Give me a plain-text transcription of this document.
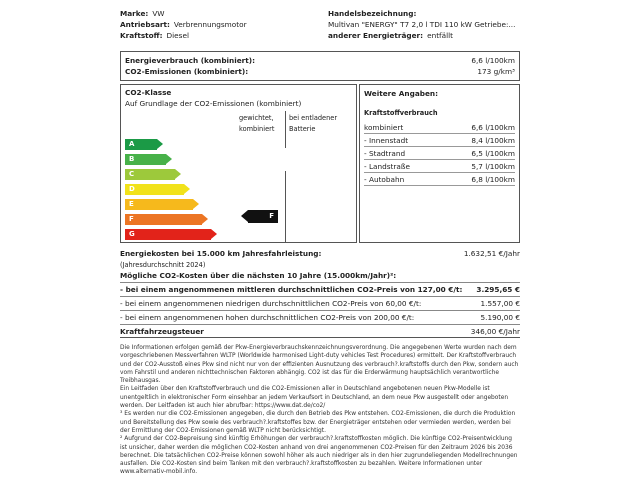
Marke: VW
Antriebsart: Verbrennungsmotor
Kraftstoff: Diesel
Handelsbezeichnung:
Multivan "ENERGY" T7 2,0 l TDI 110 kW Getriebe:...
anderer Energieträger: entfällt
Energieverbrauch (kombiniert):	6,6 l/100km
CO2-Emissionen (kombiniert):	173 g/km³
CO2-Klasse
Auf Grundlage der CO2-Emissionen (kombiniert)
gewichtet,
kombiniert
bei entladener
Batterie
A
B
C
D
E
F
G
F
Weitere Angaben:
Kraftstoffverbrauch
kombiniert	6,6 l/100km
- Innenstadt	8,4 l/100km
- Stadtrand	6,5 l/100km
- Landstraße	5,7 l/100km
- Autobahn	6,8 l/100km
Energiekosten bei 15.000 km Jahresfahrleistung:	1.632,51 €/Jahr
(Jahresdurchschnitt 2024)
Mögliche CO2-Kosten über die nächsten 10 Jahre (15.000km/Jahr)²:
- bei einem angenommenen mittleren durchschnittlichen CO2-Preis von 127,00 €/t: 3.295,65 €
- bei einem angenommenen niedrigen durchschnittlichen CO2-Preis von 60,00 €/t:	1.557,00 €
- bei einem angenommenen hohen durchschnittlichen CO2-Preis von 200,00 €/t:	5.190,00 €
Kraftfahrzeugsteuer	346,00 €/Jahr

Die Informationen erfolgen gemäß der Pkw-Energieverbrauchskennzeichnungsverordnung. Die angegebenen Werte wurden nach dem vorgeschriebenen Messverfahren WLTP (Worldwide harmonised Light-duty vehicles Test Procedures) ermittelt. Der Kraftstoffverbrauch und der CO2-Ausstoß eines Pkw sind nicht nur von der effizienten Ausnutzung des verbrauch?.kraftstoffs durch den Pkw, sondern auch vom Fahrstil und anderen nichttechnischen Faktoren abhängig. CO2 ist das für die Erderwärmung hauptsächlich verantwortliche Treibhausgas.

Ein Leitfaden über den Kraftstoffverbrauch und die CO2-Emissionen aller in Deutschland angebotenen neuen Pkw-Modelle ist unentgeltlich in elektronischer Form einsehbar an jedem Verkaufsort in Deutschland, an dem neue Pkw ausgestellt oder angeboten werden. Der Leitfaden ist auch hier abrufbar: https://www.dat.de/co2/

³ Es werden nur die CO2-Emissionen angegeben, die durch den Betrieb des Pkw entstehen. CO2-Emissionen, die durch die Produktion und Bereitstellung des Pkw sowie des verbrauch?.kraftstoffes bzw. der Energieträger entstehen oder vermieden werden, werden bei der Ermittlung der CO2-Emissionen gemäß WLTP nicht berücksichtigt.

² Aufgrund der CO2-Bepreisung sind künftig Erhöhungen der verbrauch?.kraftstoffkosten möglich. Die künftige CO2-Preisentwicklung ist unsicher, daher werden die möglichen CO2-Kosten anhand von drei angenommenen CO2-Preisen für den Zeitraum 2026 bis 2036 berechnet. Die tatsächlichen CO2-Preise können sowohl höher als auch niedriger als in den hier zugrundeliegenden Modellrechnungen ausfallen. Die CO2-Kosten sind beim Tanken mit den verbrauch?.kraftstoffkosten zu bezahlen. Weitere Informationen unter www.alternativ-mobil.info.
